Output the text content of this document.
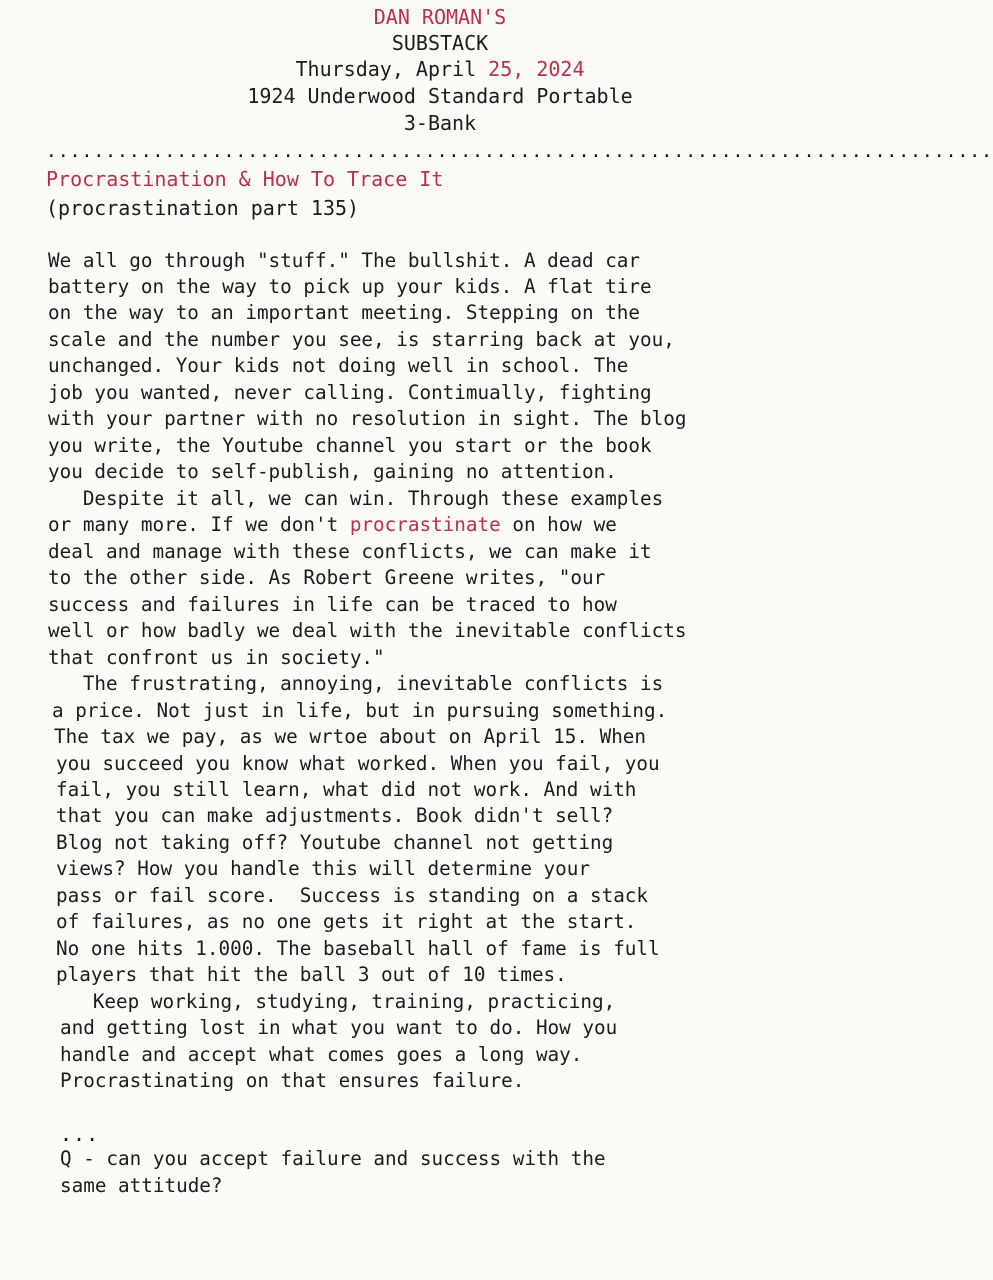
DAN ROMAN'S
SUBSTACK
Thursday, April 25, 2024
1924 Underwood Standard Portable
3-Bank
................................................................................
Procrastination & How To Trace It
(procrastination part 135)
We all go through "stuff." The bullshit. A dead car
battery on the way to pick up your kids. A flat tire
on the way to an important meeting. Stepping on the
scale and the number you see, is starring back at you,
unchanged. Your kids not doing well in school. The
job you wanted, never calling. Contimually, fighting
with your partner with no resolution in sight. The blog
you write, the Youtube channel you start or the book
you decide to self-publish, gaining no attention.
Despite it all, we can win. Through these examples
or many more. If we don't procrastinate on how we
deal and manage with these conflicts, we can make it
to the other side. As Robert Greene writes, "our
success and failures in life can be traced to how
well or how badly we deal with the inevitable conflicts
that confront us in society."
The frustrating, annoying, inevitable conflicts is
a price. Not just in life, but in pursuing something.
The tax we pay, as we wrtoe about on April 15. When
you succeed you know what worked. When you fail, you
fail, you still learn, what did not work. And with
that you can make adjustments. Book didn't sell?
Blog not taking off? Youtube channel not getting
views? How you handle this will determine your
pass or fail score.  Success is standing on a stack
of failures, as no one gets it right at the start.
No one hits 1.000. The baseball hall of fame is full
players that hit the ball 3 out of 10 times.
Keep working, studying, training, practicing,
and getting lost in what you want to do. How you
handle and accept what comes goes a long way.
Procrastinating on that ensures failure.
...
Q - can you accept failure and success with the
same attitude?
